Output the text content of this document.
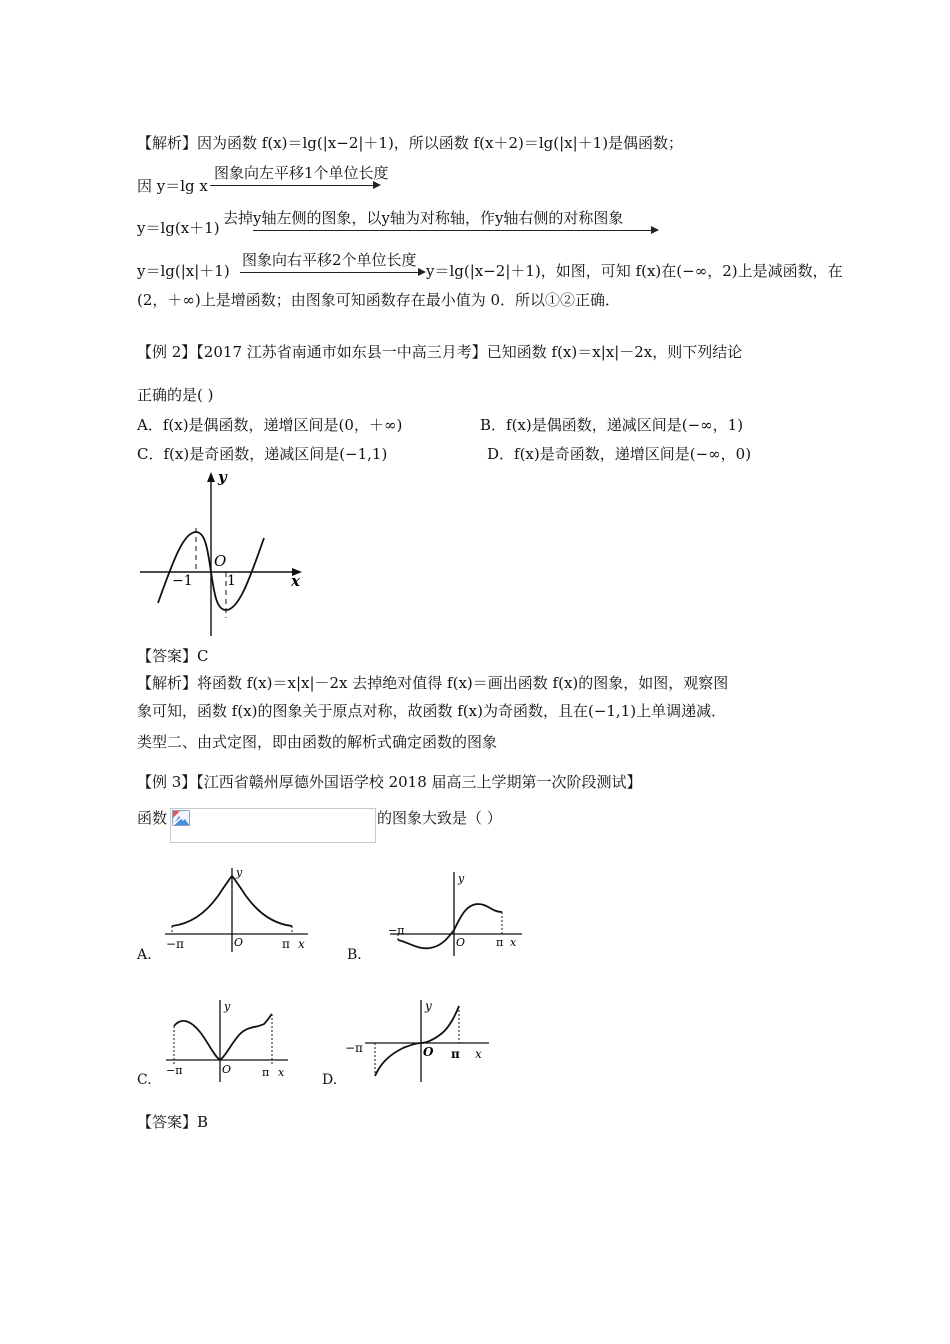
【解析】因为函数 f(x)＝lg(|x−2|＋1)，所以函数 f(x＋2)＝lg(|x|＋1)是偶函数；
因 y＝lg x
图象向左平移1个单位长度
y＝lg(x＋1)
去掉y轴左侧的图象，以y轴为对称轴，作y轴右侧的对称图象
y＝lg(|x|＋1)
图象向右平移2个单位长度
y＝lg(|x−2|＋1)，如图，可知 f(x)在(−∞，2)上是减函数，在
(2，＋∞)上是增函数；由图象可知函数存在最小值为 0．所以①②正确．
【例 2】【2017 江苏省南通市如东县一中高三月考】已知函数 f(x)＝x|x|－2x，则下列结论
正确的是( )
A．f(x)是偶函数，递增区间是(0，＋∞)	B．f(x)是偶函数，递减区间是(−∞，1)
C．f(x)是奇函数，递减区间是(−1,1)	D．f(x)是奇函数，递增区间是(−∞，0)
y
x
O
−1 1
【答案】C
【解析】将函数 f(x)＝x|x|－2x 去掉绝对值得 f(x)＝画出函数 f(x)的图象，如图，观察图
象可知，函数 f(x)的图象关于原点对称，故函数 f(x)为奇函数，且在(−1,1)上单调递减．
类型二、由式定图，即由函数的解析式确定函数的图象
【例 3】【江西省赣州厚德外国语学校 2018 届高三上学期第一次阶段测试】
函数	的图象大致是（ ）
A.
y
O
−π	π x
B.
y
O
−π
π x
C.
y
O
−π	π x	D.
y
O
−π	π x
【答案】B
